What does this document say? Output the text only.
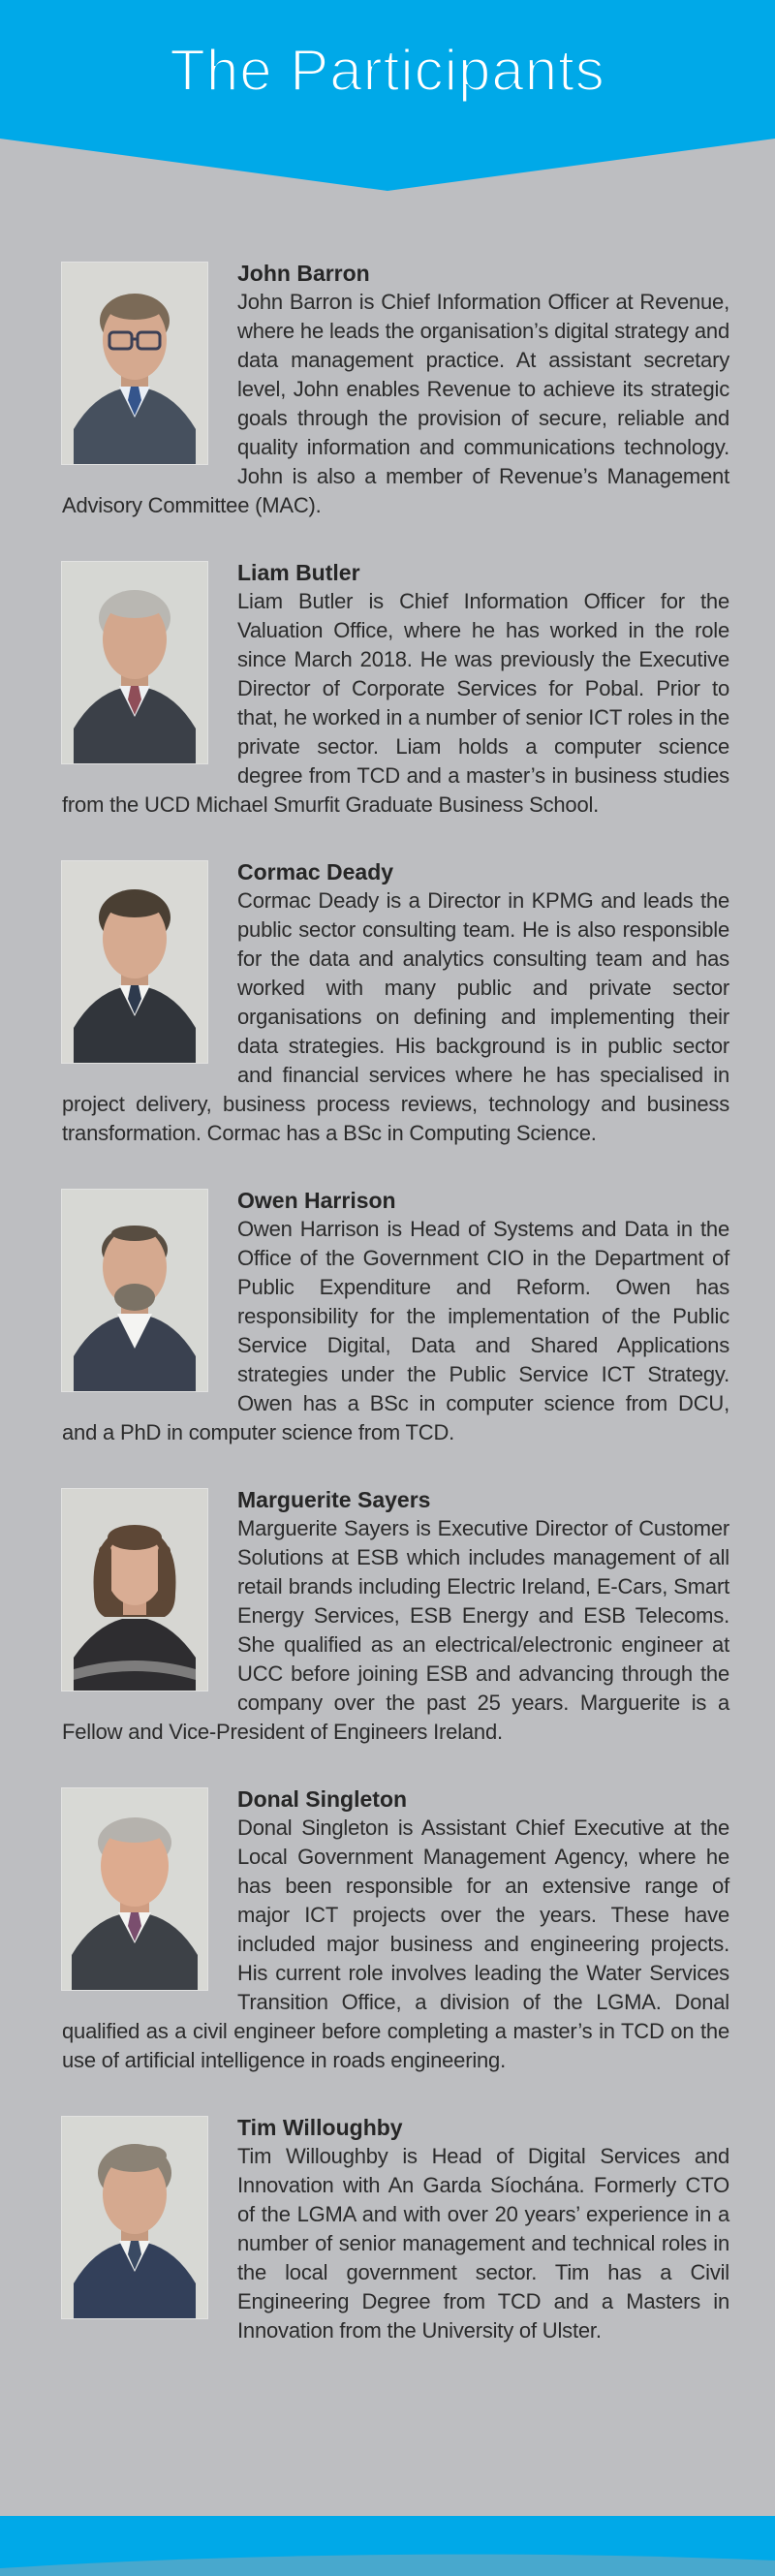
The Participants
John Barron

John Barron is Chief Information Officer at Revenue, where he leads the organisation’s digital strategy and data management practice. At assistant secretary level, John enables Revenue to achieve its strategic goals through the provision of secure, reliable and quality information and communications technology. John is also a member of Revenue’s Management Advisory Committee (MAC).

Liam Butler

Liam Butler is Chief Information Officer for the Valuation Office, where he has worked in the role since March 2018. He was previously the Executive Director of Corporate Services for Pobal. Prior to that, he worked in a number of senior ICT roles in the private sector. Liam holds a computer science degree from TCD and a master’s in business studies from the UCD Michael Smurfit Graduate Business School.

Cormac Deady

Cormac Deady is a Director in KPMG and leads the public sector consulting team. He is also responsible for the data and analytics consulting team and has worked with many public and private sector organisations on defining and implementing their data strategies. His background is in public sector and financial services where he has specialised in project delivery, business process reviews, technology and business transformation. Cormac has a BSc in Computing Science.

Owen Harrison

Owen Harrison is Head of Systems and Data in the Office of the Government CIO in the Department of Public Expenditure and Reform. Owen has responsibility for the implementation of the Public Service Digital, Data and Shared Applications strategies under the Public Service ICT Strategy. Owen has a BSc in computer science from DCU, and a PhD in computer science from TCD.

Marguerite Sayers

Marguerite Sayers is Executive Director of Customer Solutions at ESB which includes management of all retail brands including Electric Ireland, E-Cars, Smart Energy Services, ESB Energy and ESB Telecoms. She qualified as an electrical/electronic engineer at UCC before joining ESB and advancing through the company over the past 25 years. Marguerite is a Fellow and Vice-President of Engineers Ireland.

Donal Singleton

Donal Singleton is Assistant Chief Executive at the Local Government Management Agency, where he has been responsible for an extensive range of major ICT projects over the years. These have included major business and engineering projects. His current role involves leading the Water Services Transition Office, a division of the LGMA. Donal qualified as a civil engineer before completing a master’s in TCD on the use of artificial intelligence in roads engineering.

Tim Willoughby

Tim Willoughby is Head of Digital Services and Innovation with An Garda Síochána. Formerly CTO of the LGMA and with over 20 years’ experience in a number of senior management and technical roles in the local government sector. Tim has a Civil Engineering Degree from TCD and a Masters in Innovation from the University of Ulster.
